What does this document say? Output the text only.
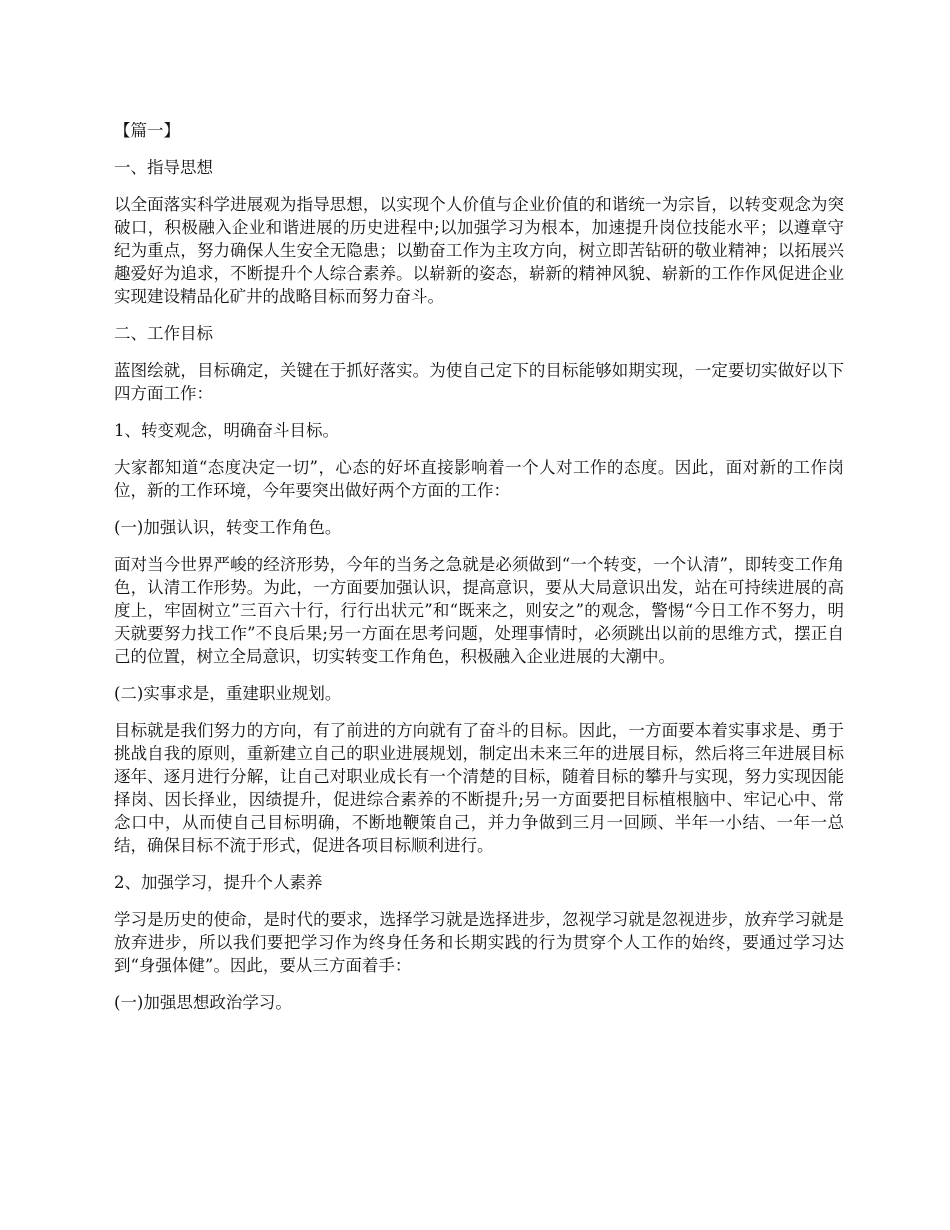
【篇一】

一、指导思想

以全面落实科学进展观为指导思想，以实现个人价值与企业价值的和谐统一为宗旨，以转变观念为突破口，积极融入企业和谐进展的历史进程中;以加强学习为根本，加速提升岗位技能水平；以遵章守纪为重点，努力确保人生安全无隐患；以勤奋工作为主攻方向，树立即苦钻研的敬业精神；以拓展兴趣爱好为追求，不断提升个人综合素养。以崭新的姿态，崭新的精神风貌、崭新的工作作风促进企业实现建设精品化矿井的战略目标而努力奋斗。

二、工作目标

蓝图绘就，目标确定，关键在于抓好落实。为使自己定下的目标能够如期实现，一定要切实做好以下四方面工作：

1、转变观念，明确奋斗目标。

大家都知道“态度决定一切”，心态的好坏直接影响着一个人对工作的态度。因此，面对新的工作岗位，新的工作环境，今年要突出做好两个方面的工作：

(一)加强认识，转变工作角色。

面对当今世界严峻的经济形势，今年的当务之急就是必须做到“一个转变，一个认清”，即转变工作角色，认清工作形势。为此，一方面要加强认识，提高意识，要从大局意识出发，站在可持续进展的高度上，牢固树立”三百六十行，行行出状元”和“既来之，则安之”的观念，警惕“今日工作不努力，明天就要努力找工作”不良后果;另一方面在思考问题，处理事情时，必须跳出以前的思维方式，摆正自己的位置，树立全局意识，切实转变工作角色，积极融入企业进展的大潮中。

(二)实事求是，重建职业规划。

目标就是我们努力的方向，有了前进的方向就有了奋斗的目标。因此，一方面要本着实事求是、勇于挑战自我的原则，重新建立自己的职业进展规划，制定出未来三年的进展目标，然后将三年进展目标逐年、逐月进行分解，让自己对职业成长有一个清楚的目标，随着目标的攀升与实现，努力实现因能择岗、因长择业，因绩提升，促进综合素养的不断提升;另一方面要把目标植根脑中、牢记心中、常念口中，从而使自己目标明确，不断地鞭策自己，并力争做到三月一回顾、半年一小结、一年一总结，确保目标不流于形式，促进各项目标顺利进行。

2、加强学习，提升个人素养

学习是历史的使命，是时代的要求，选择学习就是选择进步，忽视学习就是忽视进步，放弃学习就是放弃进步，所以我们要把学习作为终身任务和长期实践的行为贯穿个人工作的始终，要通过学习达到“身强体健”。因此，要从三方面着手：

(一)加强思想政治学习。
